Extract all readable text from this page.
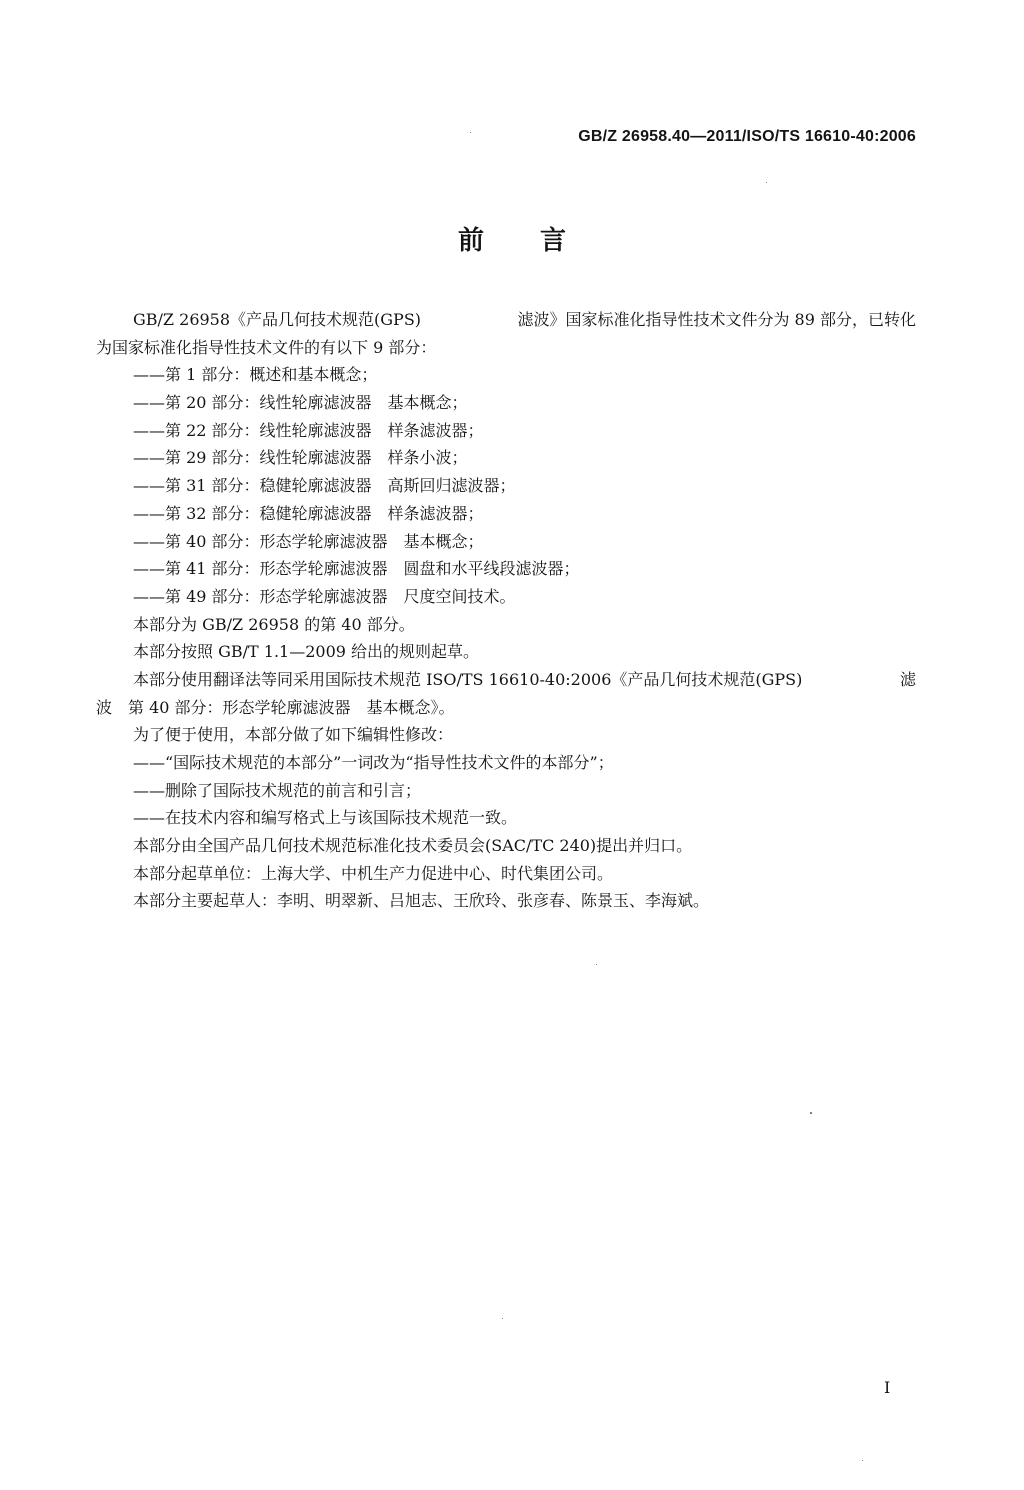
GB/Z 26958.40—2011/ISO/TS 16610-40:2006
前言
GB/Z 26958《产品几何技术规范(GPS)	滤波》国家标准化指导性技术文件分为 89 部分，已转化
为国家标准化指导性技术文件的有以下 9 部分：
——第 1 部分：概述和基本概念；
——第 20 部分：线性轮廓滤波器　基本概念；
——第 22 部分：线性轮廓滤波器　样条滤波器；
——第 29 部分：线性轮廓滤波器　样条小波；
——第 31 部分：稳健轮廓滤波器　高斯回归滤波器；
——第 32 部分：稳健轮廓滤波器　样条滤波器；
——第 40 部分：形态学轮廓滤波器　基本概念；
——第 41 部分：形态学轮廓滤波器　圆盘和水平线段滤波器；
——第 49 部分：形态学轮廓滤波器　尺度空间技术。
本部分为 GB/Z 26958 的第 40 部分。
本部分按照 GB/T 1.1—2009 给出的规则起草。
本部分使用翻译法等同采用国际技术规范 ISO/TS 16610-40:2006《产品几何技术规范(GPS)	滤
波　第 40 部分：形态学轮廓滤波器　基本概念》。
为了便于使用，本部分做了如下编辑性修改：
——“国际技术规范的本部分”一词改为“指导性技术文件的本部分”；
——删除了国际技术规范的前言和引言；
——在技术内容和编写格式上与该国际技术规范一致。
本部分由全国产品几何技术规范标准化技术委员会(SAC/TC 240)提出并归口。
本部分起草单位：上海大学、中机生产力促进中心、时代集团公司。
本部分主要起草人：李明、明翠新、吕旭志、王欣玲、张彦春、陈景玉、李海斌。
I
